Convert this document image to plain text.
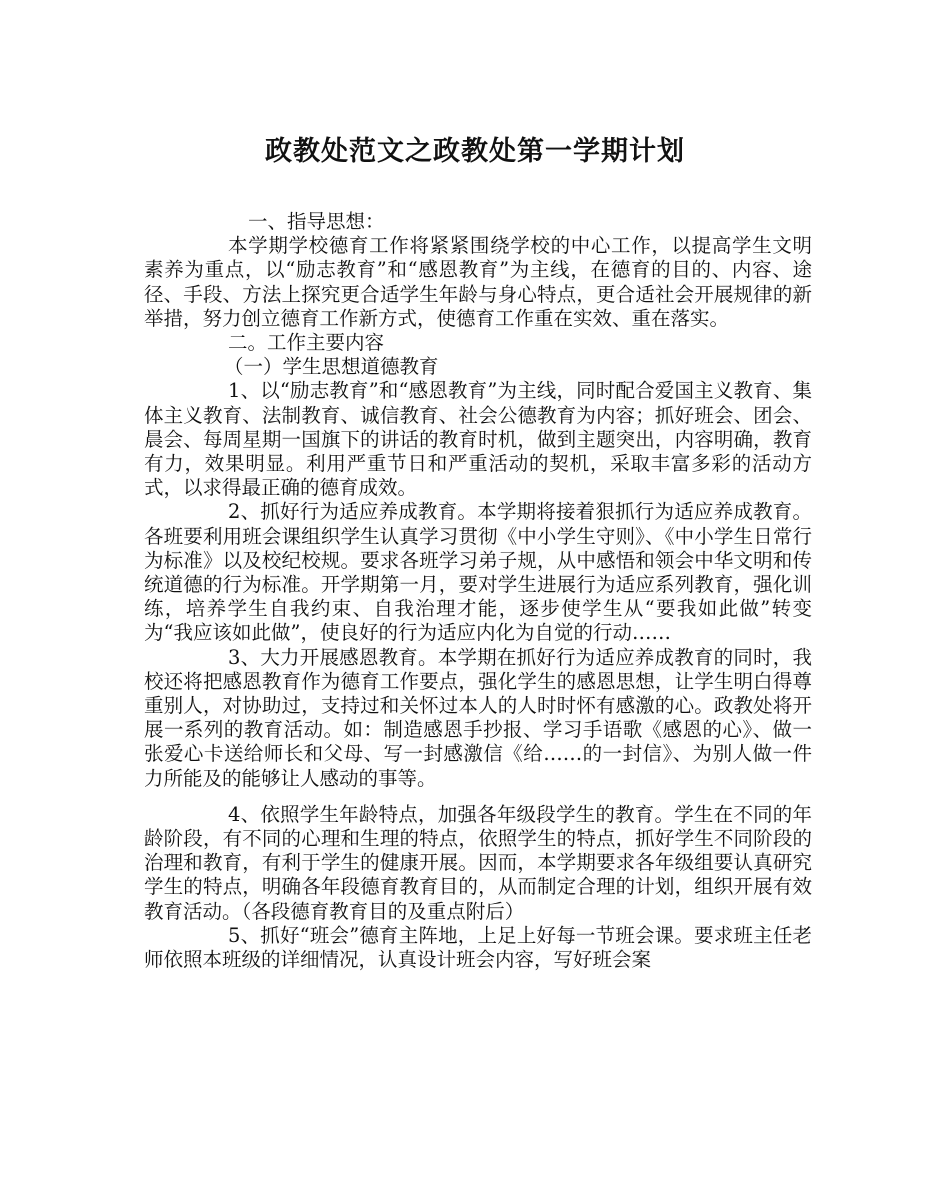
政教处范文之政教处第一学期计划

一、指导思想：

本学期学校德育工作将紧紧围绕学校的中心工作，以提高学生文明素养为重点，以“励志教育”和“感恩教育”为主线，在德育的目的、内容、途径、手段、方法上探究更合适学生年龄与身心特点，更合适社会开展规律的新举措，努力创立德育工作新方式，使德育工作重在实效、重在落实。

二。工作主要内容

（一）学生思想道德教育

1、以“励志教育”和“感恩教育”为主线，同时配合爱国主义教育、集体主义教育、法制教育、诚信教育、社会公德教育为内容；抓好班会、团会、晨会、每周星期一国旗下的讲话的教育时机，做到主题突出，内容明确，教育有力，效果明显。利用严重节日和严重活动的契机，采取丰富多彩的活动方式，以求得最正确的德育成效。

2、抓好行为适应养成教育。本学期将接着狠抓行为适应养成教育。各班要利用班会课组织学生认真学习贯彻《中小学生守则》、《中小学生日常行为标准》以及校纪校规。要求各班学习弟子规，从中感悟和领会中华文明和传统道德的行为标准。开学期第一月，要对学生进展行为适应系列教育，强化训练，培养学生自我约束、自我治理才能，逐步使学生从“要我如此做”转变为“我应该如此做”，使良好的行为适应内化为自觉的行动……

3、大力开展感恩教育。本学期在抓好行为适应养成教育的同时，我校还将把感恩教育作为德育工作要点，强化学生的感恩思想，让学生明白得尊重别人，对协助过，支持过和关怀过本人的人时时怀有感激的心。政教处将开展一系列的教育活动。如：制造感恩手抄报、学习手语歌《感恩的心》、做一张爱心卡送给师长和父母、写一封感激信《给……的一封信》、为别人做一件力所能及的能够让人感动的事等。

4、依照学生年龄特点，加强各年级段学生的教育。学生在不同的年龄阶段，有不同的心理和生理的特点，依照学生的特点，抓好学生不同阶段的治理和教育，有利于学生的健康开展。因而，本学期要求各年级组要认真研究学生的特点，明确各年段德育教育目的，从而制定合理的计划，组织开展有效教育活动。（各段德育教育目的及重点附后）

5、抓好“班会”德育主阵地，上足上好每一节班会课。要求班主任老师依照本班级的详细情况，认真设计班会内容，写好班会案
